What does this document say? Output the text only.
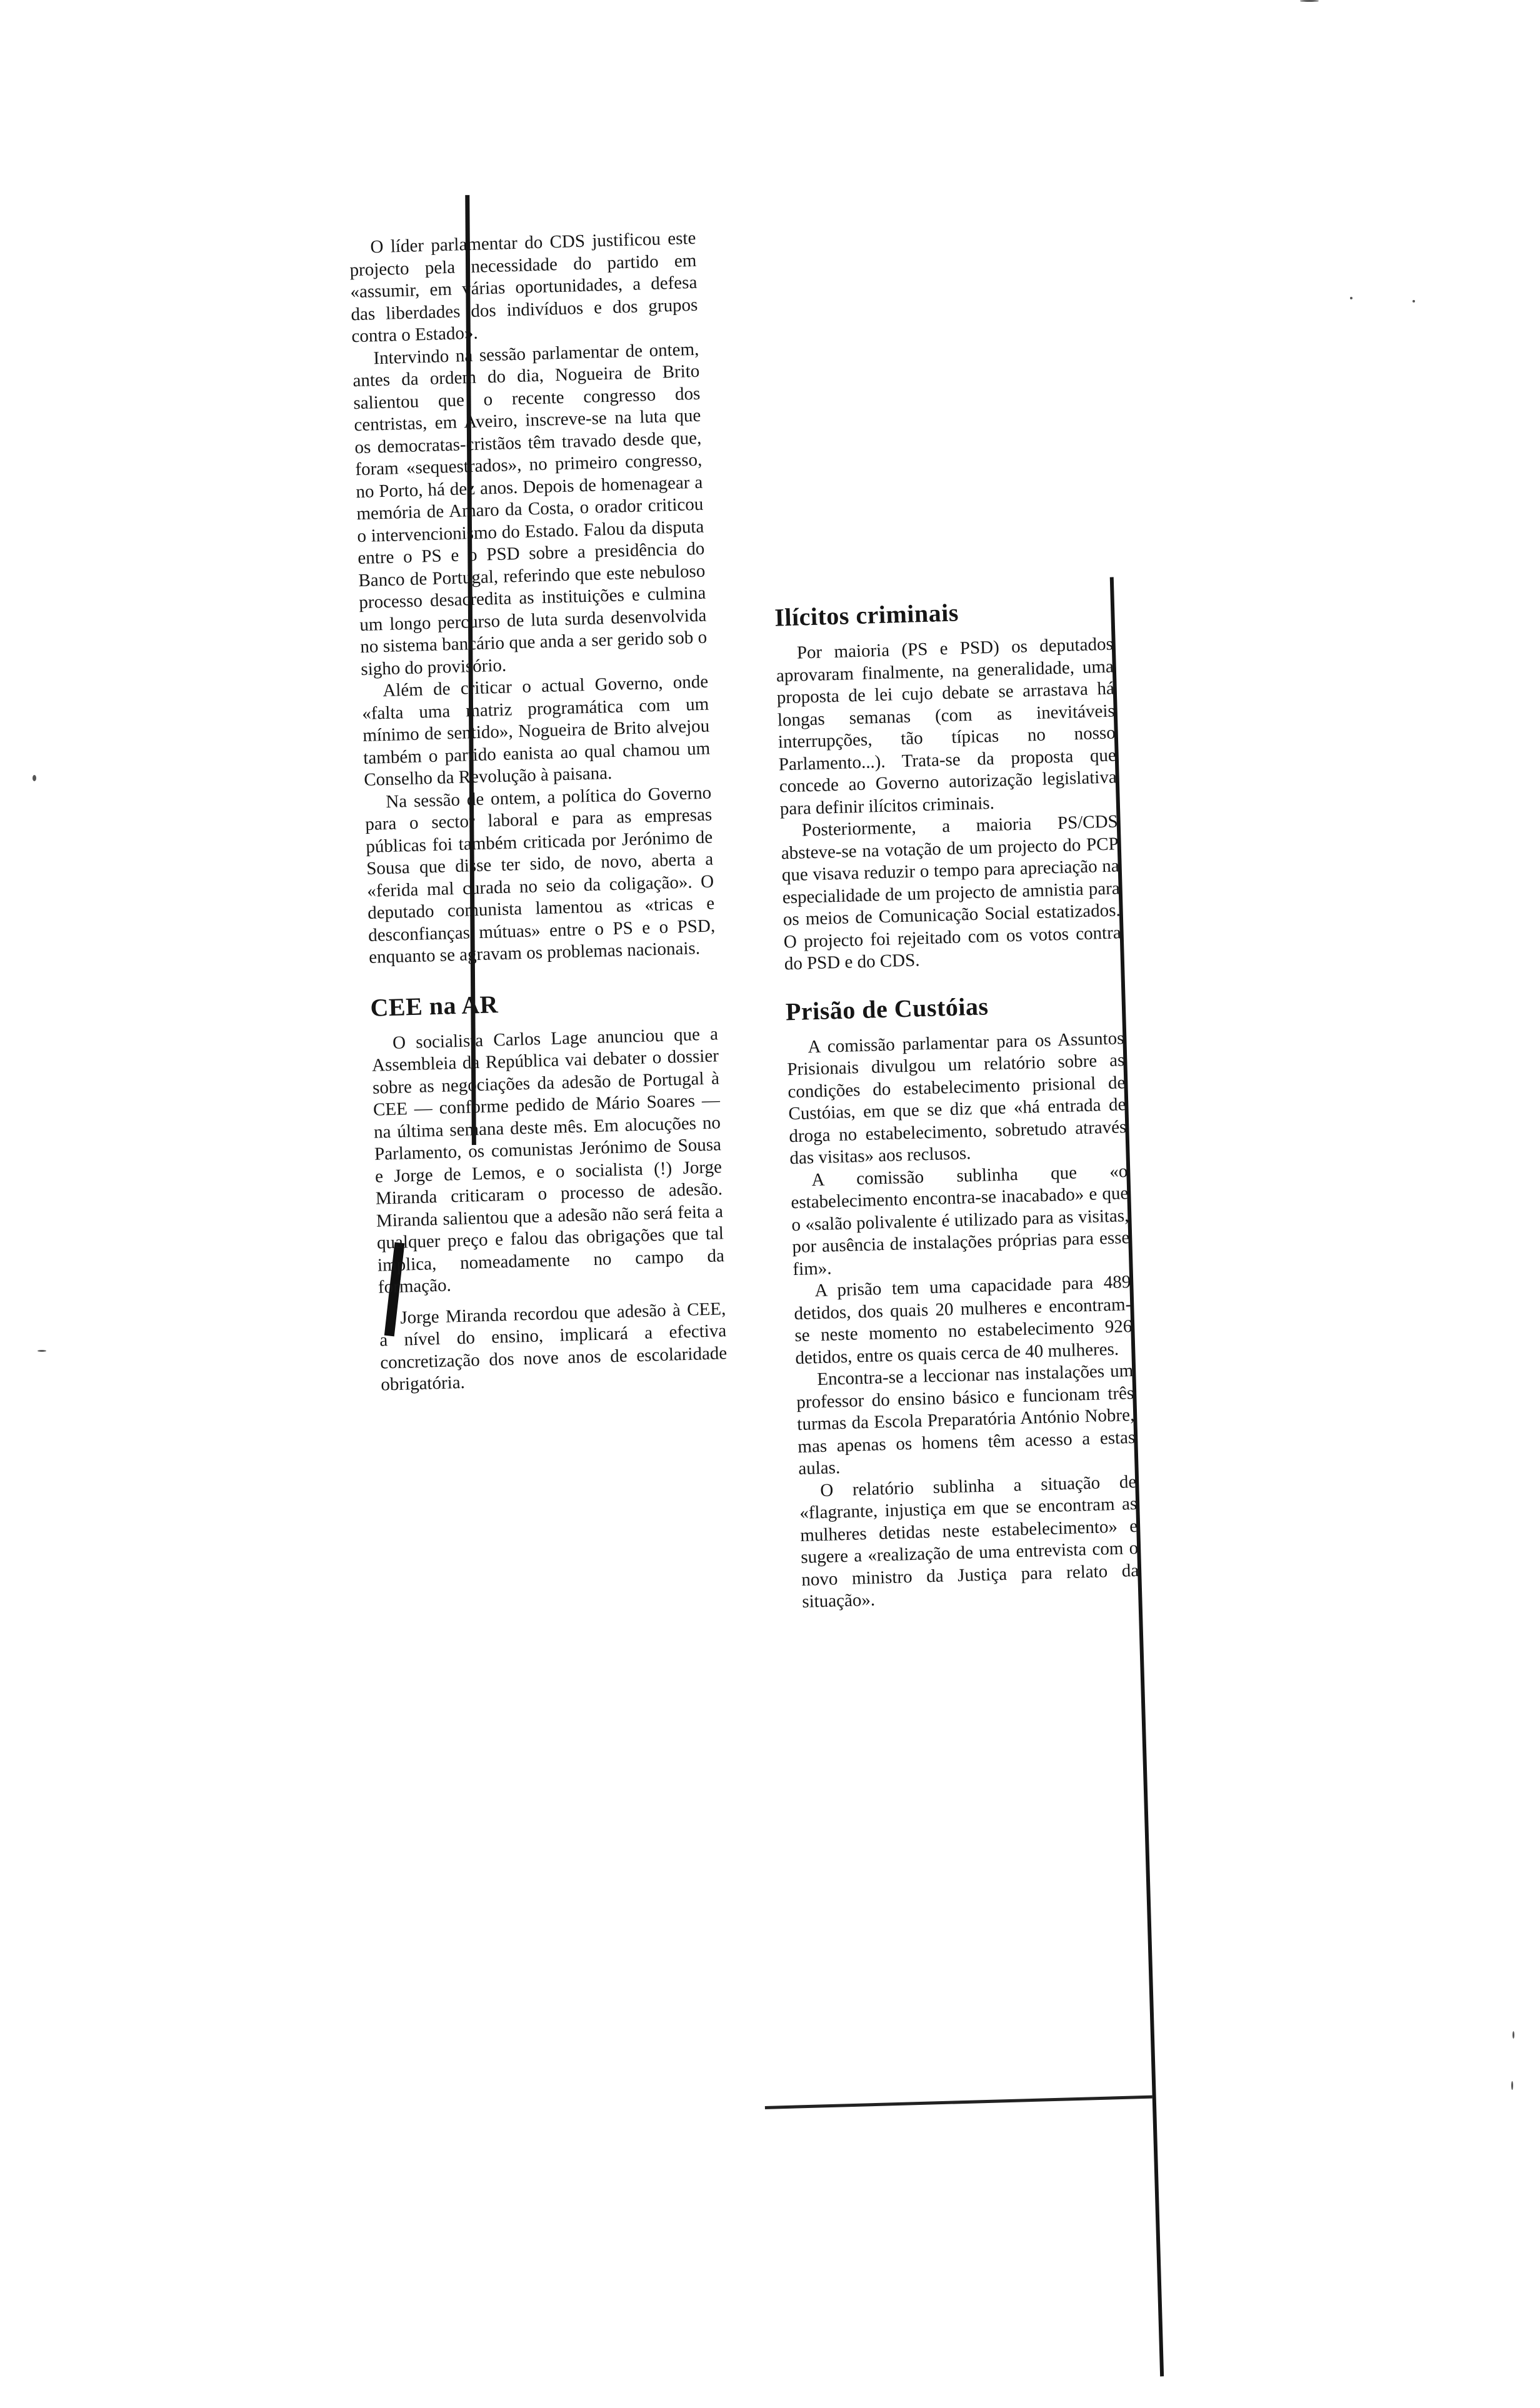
O líder parlamentar do CDS justificou este projecto pela necessidade do partido em «assumir, em várias oportunidades, a defesa das liberdades dos indivíduos e dos grupos contra o Estado».

Intervindo na sessão parlamentar de ontem, antes da ordem do dia, Nogueira de Brito salientou que o recente congresso dos centristas, em Aveiro, inscreve-se na luta que os democratas-cristãos têm travado desde que, foram «sequestrados», no primeiro congresso, no Porto, há dez anos. Depois de homenagear a memória de Amaro da Costa, o orador criticou o intervencionismo do Estado. Falou da disputa entre o PS e o PSD sobre a presidência do Banco de Portugal, referindo que este nebuloso processo desacredita as instituições e culmina um longo percurso de luta surda desenvolvida no sistema bancário que anda a ser gerido sob o sigho do provisório.

Além de criticar o actual Governo, onde «falta uma matriz programática com um mínimo de sentido», Nogueira de Brito alvejou também o partido eanista ao qual chamou um Conselho da Revolução à paisana.

Na sessão de ontem, a política do Governo para o sector laboral e para as empresas públicas foi também criticada por Jerónimo de Sousa que disse ter sido, de novo, aberta a «ferida mal curada no seio da coligação». O deputado comunista lamentou as «tricas e desconfianças mútuas» entre o PS e o PSD, enquanto se agravam os problemas nacionais.

CEE na AR

O socialista Carlos Lage anunciou que a Assembleia da República vai debater o dossier sobre as negociações da adesão de Portugal à CEE — conforme pedido de Mário Soares — na última semana deste mês. Em alocuções no Parlamento, os comunistas Jerónimo de Sousa e Jorge de Lemos, e o socialista (!) Jorge Miranda criticaram o processo de adesão. Miranda salientou que a adesão não será feita a qualquer preço e falou das obrigações que tal implica, nomeadamente no campo da formação.

Jorge Miranda recordou que adesão à CEE, a nível do ensino, implicará a efectiva concretização dos nove anos de escolaridade obrigatória.

Ilícitos criminais

Por maioria (PS e PSD) os deputados aprovaram finalmente, na generalidade, uma proposta de lei cujo debate se arrastava há longas semanas (com as inevitáveis interrupções, tão típicas no nosso Parlamento...). Trata-se da proposta que concede ao Governo autorização legislativa para definir ilícitos criminais.

Posteriormente, a maioria PS/CDS absteve-se na votação de um projecto do PCP que visava reduzir o tempo para apreciação na especialidade de um projecto de amnistia para os meios de Comunicação Social estatizados. O projecto foi rejeitado com os votos contra do PSD e do CDS.

Prisão de Custóias

A comissão parlamentar para os Assuntos Prisionais divulgou um relatório sobre as condições do estabelecimento prisional de Custóias, em que se diz que «há entrada de droga no estabelecimento, sobretudo através das visitas» aos reclusos.

A comissão sublinha que «o estabelecimento encontra-se inacabado» e que o «salão polivalente é utilizado para as visitas, por ausência de instalações próprias para esse fim».

A prisão tem uma capacidade para 489 detidos, dos quais 20 mulheres e encontram-se neste momento no estabelecimento 926 detidos, entre os quais cerca de 40 mulheres.

Encontra-se a leccionar nas instalações um professor do ensino básico e funcionam três turmas da Escola Preparatória António Nobre, mas apenas os homens têm acesso a estas aulas.

O relatório sublinha a situação de «flagrante, injustiça em que se encontram as mulheres detidas neste estabelecimento» e sugere a «realização de uma entrevista com o novo ministro da Justiça para relato da situação».
